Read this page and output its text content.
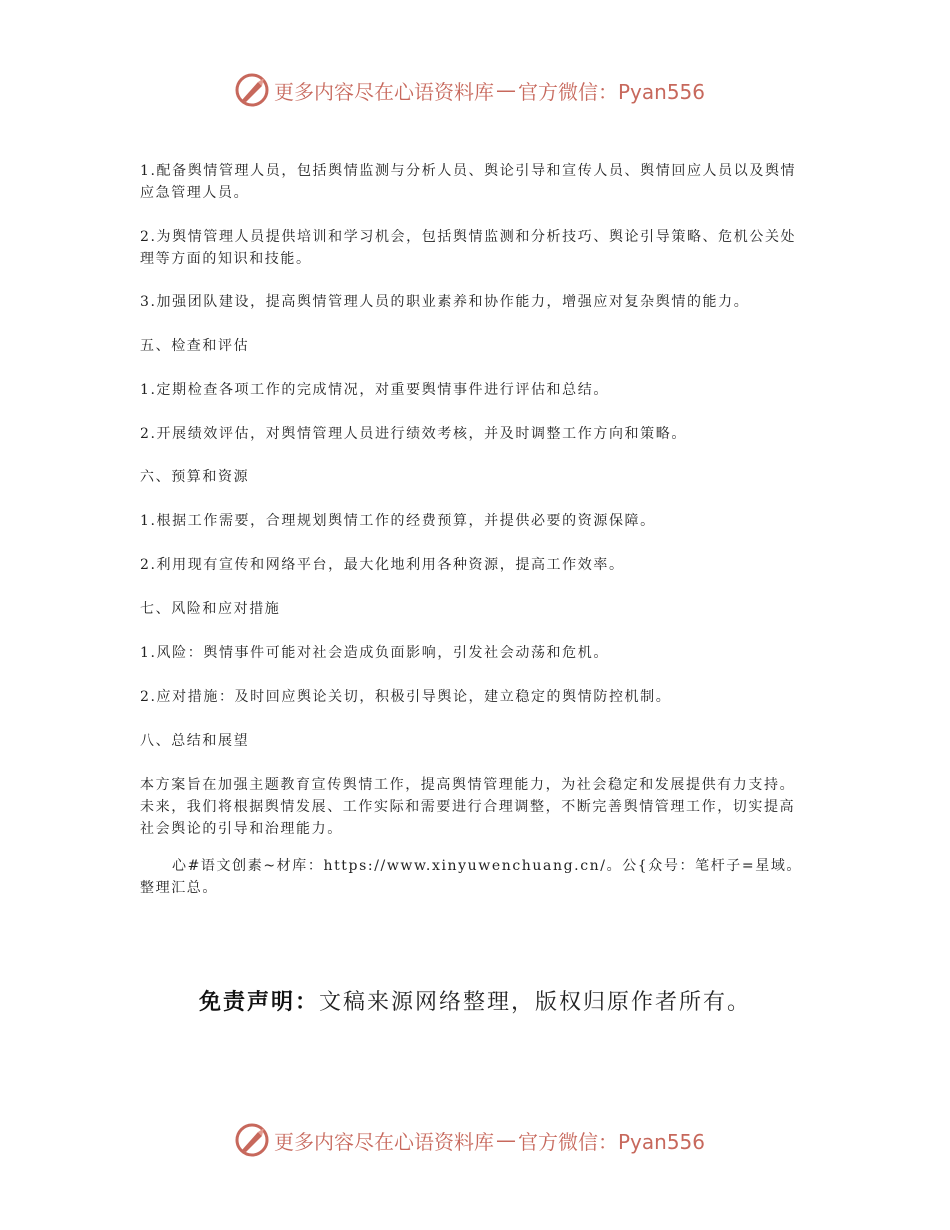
更多内容尽在心语资料库 — 官方微信：Pyan556

1.配备舆情管理人员，包括舆情监测与分析人员、舆论引导和宣传人员、舆情回应人员以及舆情应急管理人员。

2.为舆情管理人员提供培训和学习机会，包括舆情监测和分析技巧、舆论引导策略、危机公关处理等方面的知识和技能。

3.加强团队建设，提高舆情管理人员的职业素养和协作能力，增强应对复杂舆情的能力。

五、检查和评估

1.定期检查各项工作的完成情况，对重要舆情事件进行评估和总结。

2.开展绩效评估，对舆情管理人员进行绩效考核，并及时调整工作方向和策略。

六、预算和资源

1.根据工作需要，合理规划舆情工作的经费预算，并提供必要的资源保障。

2.利用现有宣传和网络平台，最大化地利用各种资源，提高工作效率。

七、风险和应对措施

1.风险：舆情事件可能对社会造成负面影响，引发社会动荡和危机。

2.应对措施：及时回应舆论关切，积极引导舆论，建立稳定的舆情防控机制。

八、总结和展望

本方案旨在加强主题教育宣传舆情工作，提高舆情管理能力，为社会稳定和发展提供有力支持。未来，我们将根据舆情发展、工作实际和需要进行合理调整，不断完善舆情管理工作，切实提高社会舆论的引导和治理能力。

心#语文创素~材库：https://www.xinyuwenchuang.cn/。公{众号：笔杆子=星域。整理汇总。

免责声明：文稿来源网络整理，版权归原作者所有。
更多内容尽在心语资料库 — 官方微信：Pyan556
